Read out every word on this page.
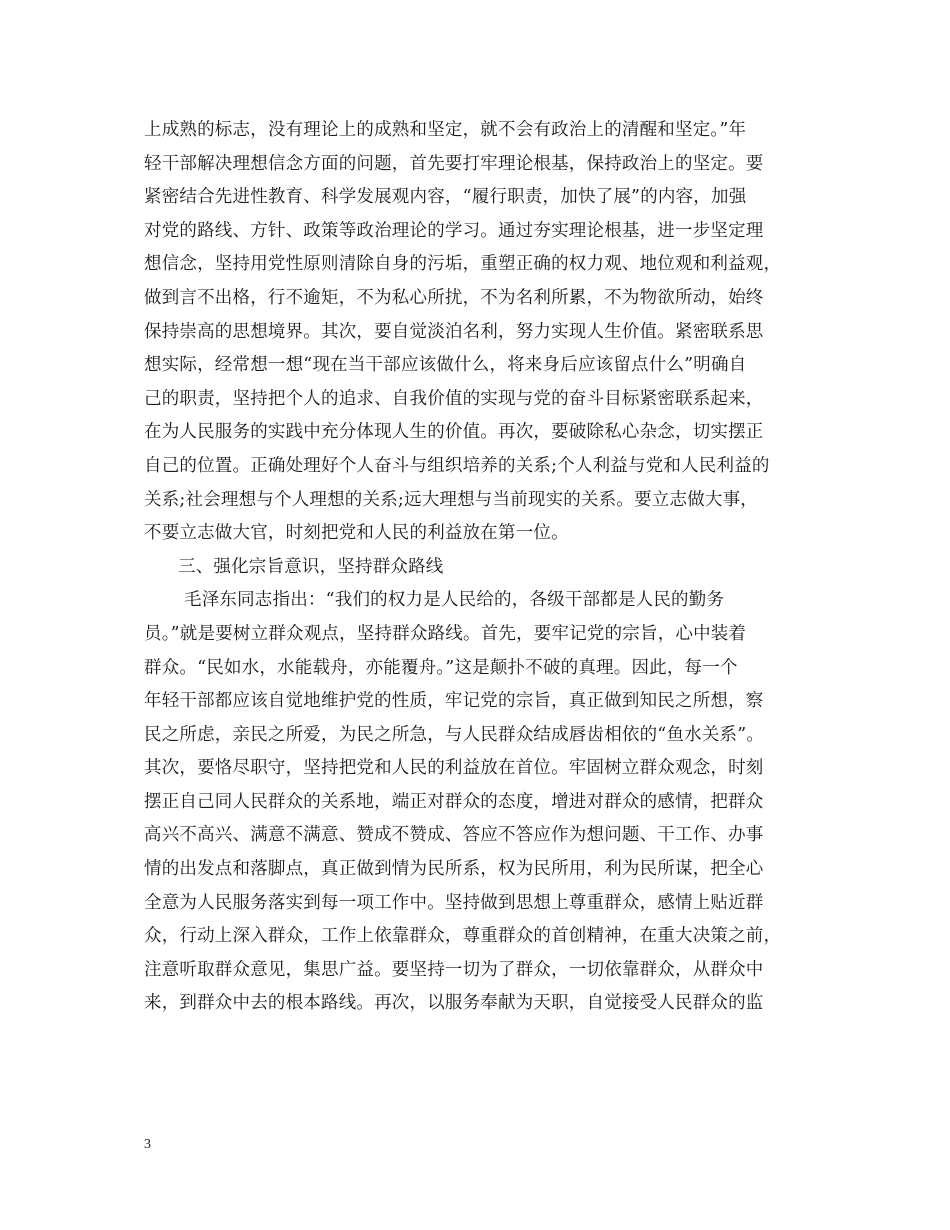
上成熟的标志，没有理论上的成熟和坚定，就不会有政治上的清醒和坚定。”年
轻干部解决理想信念方面的问题，首先要打牢理论根基，保持政治上的坚定。要
紧密结合先进性教育、科学发展观内容，“履行职责，加快了展”的内容，加强
对党的路线、方针、政策等政治理论的学习。通过夯实理论根基，进一步坚定理
想信念，坚持用党性原则清除自身的污垢，重塑正确的权力观、地位观和利益观，
做到言不出格，行不逾矩，不为私心所扰，不为名利所累，不为物欲所动，始终
保持崇高的思想境界。其次，要自觉淡泊名利，努力实现人生价值。紧密联系思
想实际，经常想一想“现在当干部应该做什么，将来身后应该留点什么”明确自
己的职责，坚持把个人的追求、自我价值的实现与党的奋斗目标紧密联系起来，
在为人民服务的实践中充分体现人生的价值。再次，要破除私心杂念，切实摆正
自己的位置。正确处理好个人奋斗与组织培养的关系;个人利益与党和人民利益的
关系;社会理想与个人理想的关系;远大理想与当前现实的关系。要立志做大事，
不要立志做大官，时刻把党和人民的利益放在第一位。
三、强化宗旨意识，坚持群众路线
毛泽东同志指出：“我们的权力是人民给的，各级干部都是人民的勤务
员。”就是要树立群众观点，坚持群众路线。首先，要牢记党的宗旨，心中装着
群众。“民如水，水能载舟，亦能覆舟。”这是颠扑不破的真理。因此，每一个
年轻干部都应该自觉地维护党的性质，牢记党的宗旨，真正做到知民之所想，察
民之所虑，亲民之所爱，为民之所急，与人民群众结成唇齿相依的“鱼水关系”。
其次，要恪尽职守，坚持把党和人民的利益放在首位。牢固树立群众观念，时刻
摆正自己同人民群众的关系地，端正对群众的态度，增进对群众的感情，把群众
高兴不高兴、满意不满意、赞成不赞成、答应不答应作为想问题、干工作、办事
情的出发点和落脚点，真正做到情为民所系，权为民所用，利为民所谋，把全心
全意为人民服务落实到每一项工作中。坚持做到思想上尊重群众，感情上贴近群
众，行动上深入群众，工作上依靠群众，尊重群众的首创精神，在重大决策之前，
注意听取群众意见，集思广益。要坚持一切为了群众，一切依靠群众，从群众中
来，到群众中去的根本路线。再次，以服务奉献为天职，自觉接受人民群众的监
3
